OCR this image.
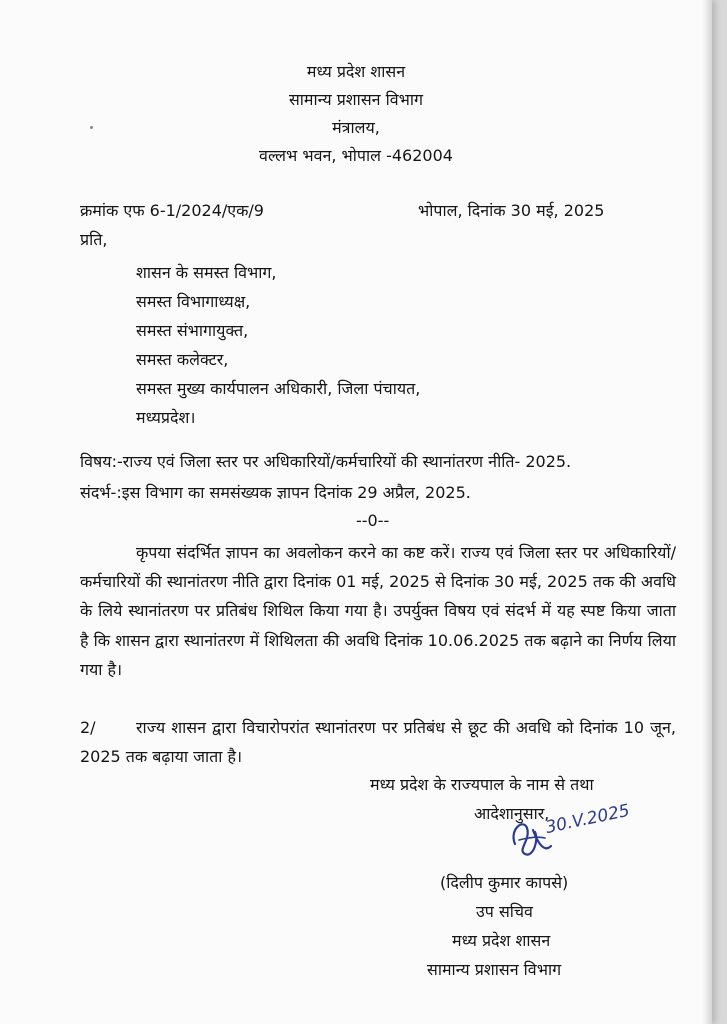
मध्य प्रदेश शासन
सामान्य प्रशासन विभाग
मंत्रालय,
वल्लभ भवन, भोपाल -462004
क्रमांक एफ 6-1/2024/एक/9	भोपाल, दिनांक 30 मई, 2025
प्रति,
शासन के समस्त विभाग,
समस्त विभागाध्यक्ष,
समस्त संभागायुक्त,
समस्त कलेक्टर,
समस्त मुख्य कार्यपालन अधिकारी, जिला पंचायत,
मध्यप्रदेश।
विषय:-राज्य एवं जिला स्तर पर अधिकारियों/कर्मचारियों की स्थानांतरण नीति- 2025.
संदर्भ-:इस विभाग का समसंख्यक ज्ञापन दिनांक 29 अप्रैल, 2025.
--0--
कृपया संदर्भित ज्ञापन का अवलोकन करने का कष्ट करें। राज्य एवं जिला स्तर पर अधिकारियों/कर्मचारियों की स्थानांतरण नीति द्वारा दिनांक 01 मई, 2025 से दिनांक 30 मई, 2025 तक की अवधि के लिये स्थानांतरण पर प्रतिबंध शिथिल किया गया है। उपर्युक्त विषय एवं संदर्भ में यह स्पष्ट किया जाता है कि शासन द्वारा स्थानांतरण में शिथिलता की अवधि दिनांक 10.06.2025 तक बढ़ाने का निर्णय लिया गया है।
2/	राज्य शासन द्वारा विचारोपरांत स्थानांतरण पर प्रतिबंध से छूट की अवधि को दिनांक 10 जून, 2025 तक बढ़ाया जाता है।
मध्य प्रदेश के राज्यपाल के नाम से तथा
आदेशानुसार,
30.V.2025
(दिलीप कुमार कापसे)
उप सचिव
मध्य प्रदेश शासन
सामान्य प्रशासन विभाग
